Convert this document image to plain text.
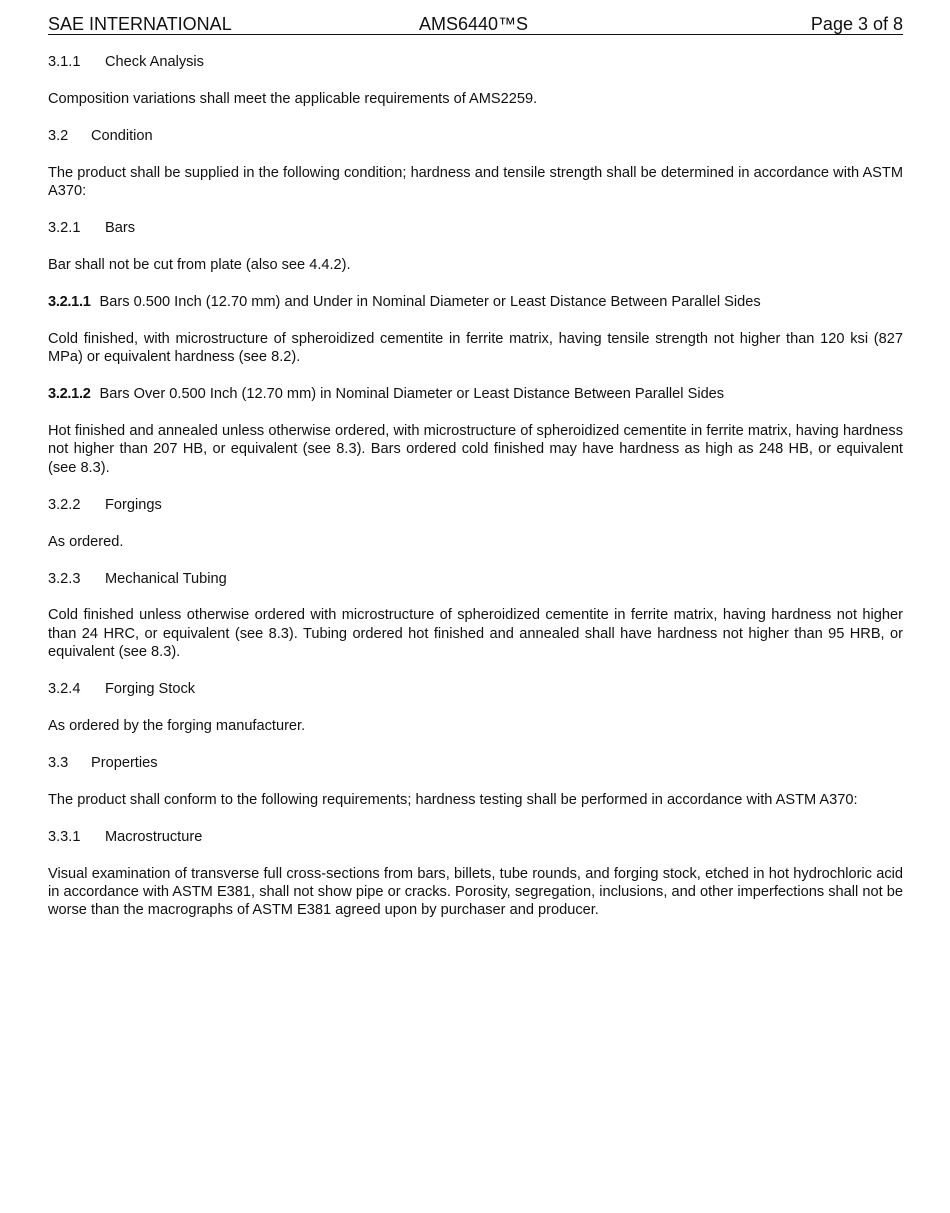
SAE INTERNATIONAL	AMS6440™S	Page 3 of 8

3.1.1 Check Analysis

Composition variations shall meet the applicable requirements of AMS2259.

3.2 Condition

The product shall be supplied in the following condition; hardness and tensile strength shall be determined in accordance with ASTM A370:

3.2.1 Bars

Bar shall not be cut from plate (also see 4.4.2).

3.2.1.1 Bars 0.500 Inch (12.70 mm) and Under in Nominal Diameter or Least Distance Between Parallel Sides

Cold finished, with microstructure of spheroidized cementite in ferrite matrix, having tensile strength not higher than 120 ksi (827 MPa) or equivalent hardness (see 8.2).

3.2.1.2 Bars Over 0.500 Inch (12.70 mm) in Nominal Diameter or Least Distance Between Parallel Sides

Hot finished and annealed unless otherwise ordered, with microstructure of spheroidized cementite in ferrite matrix, having hardness not higher than 207 HB, or equivalent (see 8.3). Bars ordered cold finished may have hardness as high as 248 HB, or equivalent (see 8.3).

3.2.2 Forgings

As ordered.

3.2.3 Mechanical Tubing

Cold finished unless otherwise ordered with microstructure of spheroidized cementite in ferrite matrix, having hardness not higher than 24 HRC, or equivalent (see 8.3). Tubing ordered hot finished and annealed shall have hardness not higher than 95 HRB, or equivalent (see 8.3).

3.2.4 Forging Stock

As ordered by the forging manufacturer.

3.3 Properties

The product shall conform to the following requirements; hardness testing shall be performed in accordance with ASTM A370:

3.3.1 Macrostructure

Visual examination of transverse full cross-sections from bars, billets, tube rounds, and forging stock, etched in hot hydrochloric acid in accordance with ASTM E381, shall not show pipe or cracks. Porosity, segregation, inclusions, and other imperfections shall not be worse than the macrographs of ASTM E381 agreed upon by purchaser and producer.
